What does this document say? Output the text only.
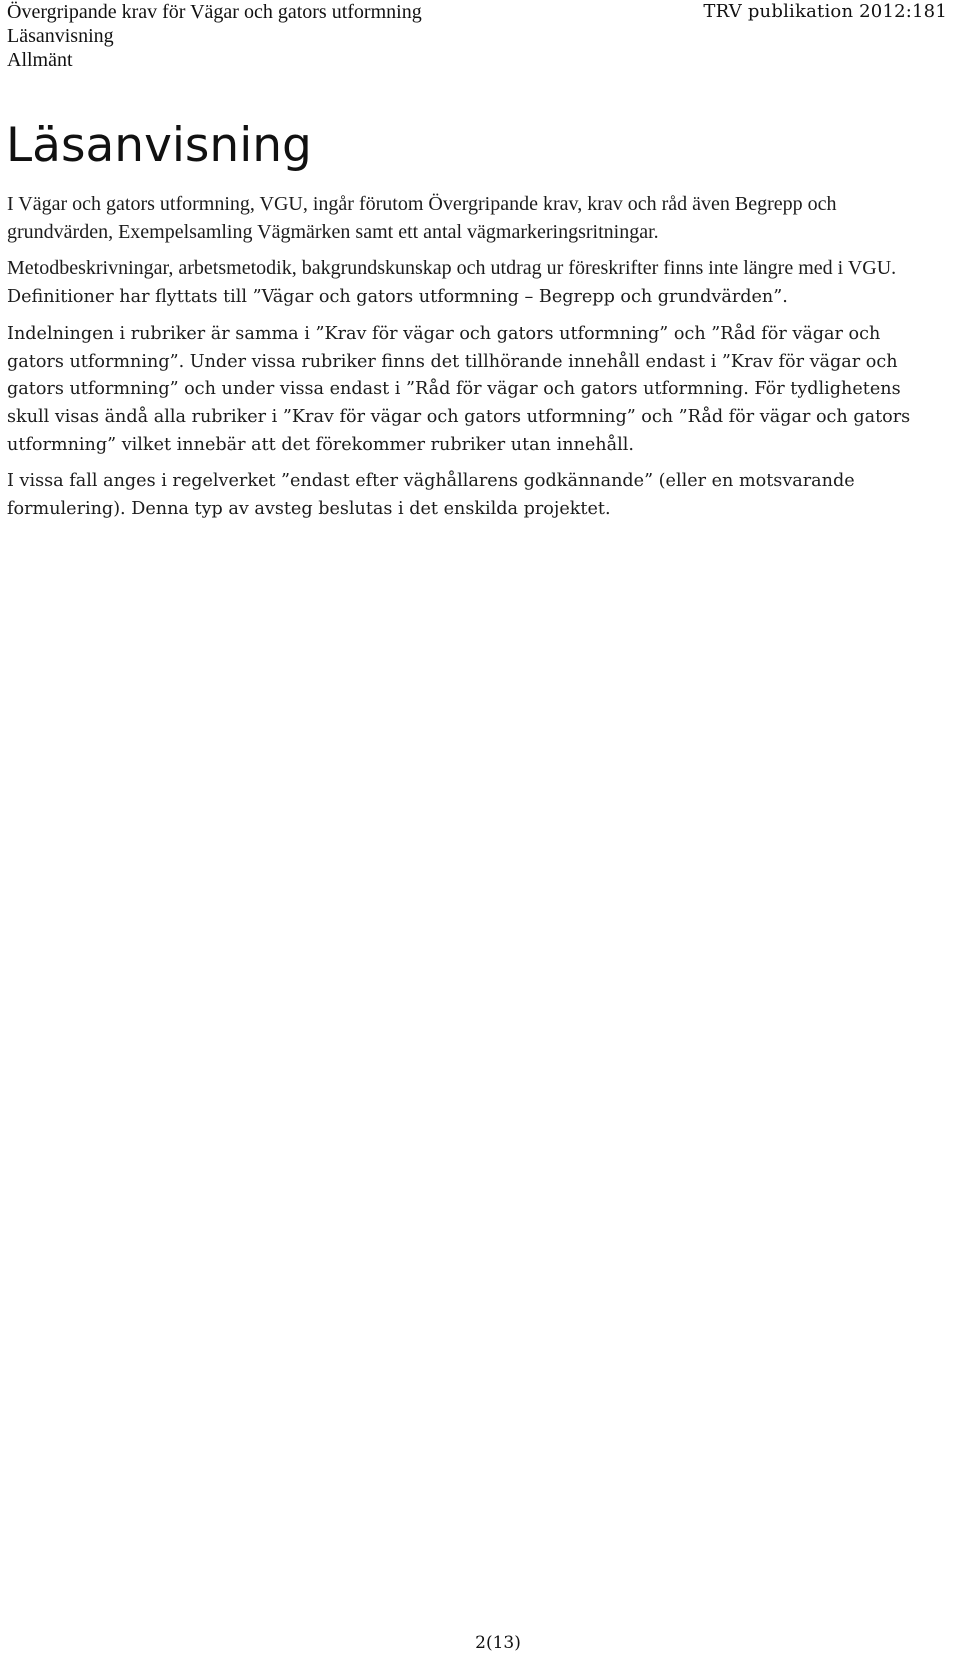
Övergripande krav för Vägar och gators utformning	TRV publikation 2012:181
Läsanvisning
Allmänt
Läsanvisning

I Vägar och gators utformning, VGU, ingår förutom Övergripande krav, krav och råd även Begrepp och grundvärden, Exempelsamling Vägmärken samt ett antal vägmarkeringsritningar.

Metodbeskrivningar, arbetsmetodik, bakgrundskunskap och utdrag ur föreskrifter finns inte längre med i VGU. Definitioner har flyttats till ”Vägar och gators utformning – Begrepp och grundvärden”.

Indelningen i rubriker är samma i ”Krav för vägar och gators utformning” och ”Råd för vägar och gators utformning”. Under vissa rubriker finns det tillhörande innehåll endast i ”Krav för vägar och gators utformning” och under vissa endast i ”Råd för vägar och gators utformning. För tydlighetens skull visas ändå alla rubriker i ”Krav för vägar och gators utformning” och ”Råd för vägar och gators utformning” vilket innebär att det förekommer rubriker utan innehåll.

I vissa fall anges i regelverket ”endast efter väghållarens godkännande” (eller en motsvarande formulering). Denna typ av avsteg beslutas i det enskilda projektet.

2(13)
